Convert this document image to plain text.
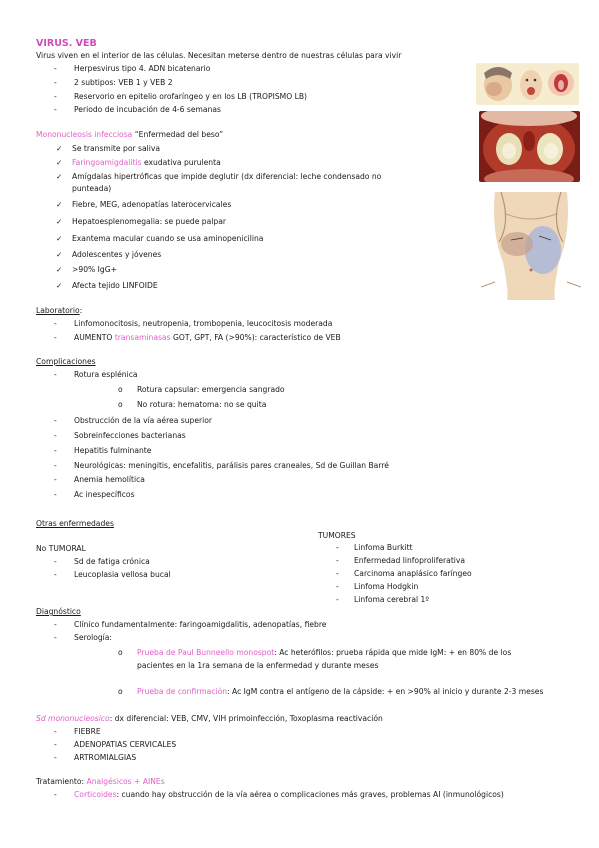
VIRUS. VEB
Virus viven en el interior de las células. Necesitan meterse dentro de nuestras células para vivir
- Herpesvirus tipo 4. ADN bicatenario
- 2 subtipos: VEB 1 y VEB 2
- Reservorio en epitelio orofaríngeo y en los LB (TROPISMO LB)
- Periodo de incubación de 4-6 semanas
Mononucleosis infecciosa “Enfermedad del beso”
✓ Se transmite por saliva
✓ Faringoamigdalitis exudativa purulenta
✓ Amígdalas hipertróficas que impide deglutir (dx diferencial: leche condensado no
punteada)
✓ Fiebre, MEG, adenopatías laterocervicales
✓ Hepatoesplenomegalia: se puede palpar
✓ Exantema macular cuando se usa aminopenicilina
✓ Adolescentes y jóvenes
✓ >90% IgG+
✓ Afecta tejido LINFOIDE
Laboratorio:
- Linfomonocitosis, neutropenia, trombopenia, leucocitosis moderada
- AUMENTO transaminasas GOT, GPT, FA (>90%): característico de VEB
Complicaciones
- Rotura esplénica
o Rotura capsular: emergencia sangrado
o No rotura: hematoma: no se quita
- Obstrucción de la vía aérea superior
- Sobreinfecciones bacterianas
- Hepatitis fulminante
- Neurológicas: meningitis, encefalitis, parálisis pares craneales, Sd de Guillan Barré
- Anemia hemolítica
- Ac inespecíficos
Otras enfermedades
TUMORES
No TUMORAL	- Linfoma Burkitt
- Enfermedad linfoproliferativa
- Carcinoma anaplásico faríngeo
- Linfoma Hodgkin
- Linfoma cerebral 1º
- Sd de fatiga crónica
- Leucoplasia vellosa bucal
Diagnóstico
- Clínico fundamentalmente: faringoamigdalitis, adenopatías, fiebre
- Serología:
o Prueba de Paul Bunneello monospot: Ac heterófilos: prueba rápida que mide IgM: + en 80% de los
pacientes en la 1ra semana de la enfermedad y durante meses
o Prueba de confirmación: Ac IgM contra el antígeno de la cápside: + en >90% al inicio y durante 2-3 meses
Sd mononucleosico: dx diferencial: VEB, CMV, VIH primoinfección, Toxoplasma reactivación
- FIEBRE
- ADENOPATIAS CERVICALES
- ARTROMIALGIAS
Tratamiento: Analgésicos + AINEs
- Corticoides: cuando hay obstrucción de la vía aérea o complicaciones más graves, problemas AI (inmunológicos)
